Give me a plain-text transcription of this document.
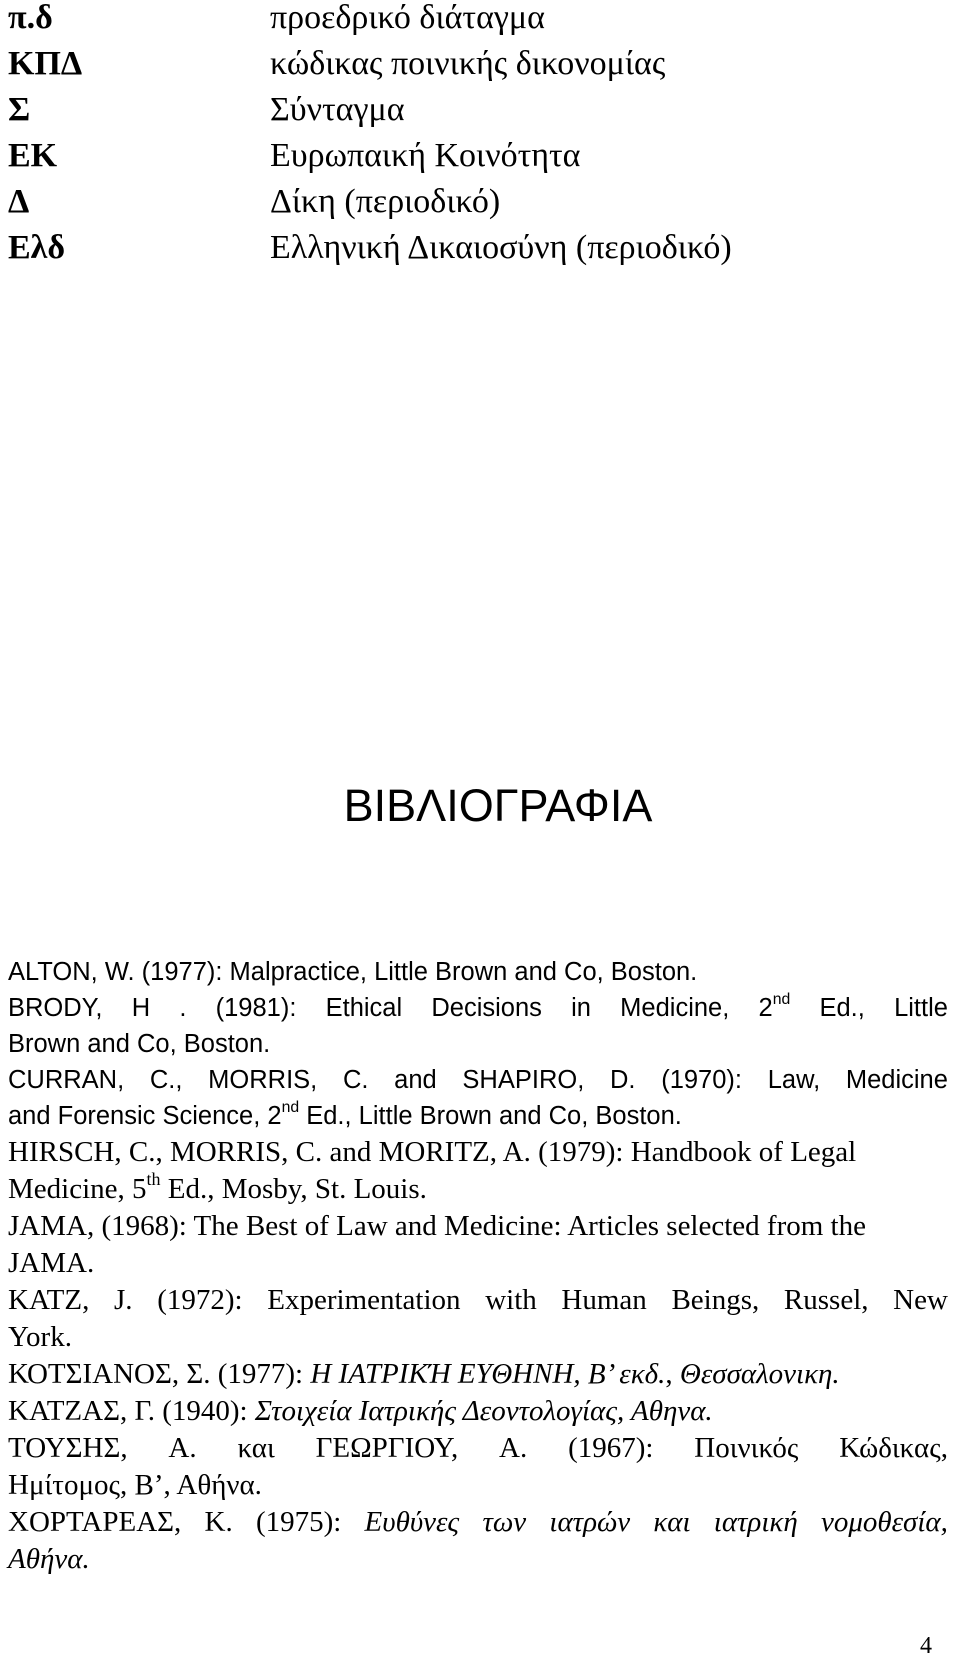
π.δ	προεδρικό διάταγμα
ΚΠΔ	κώδικας ποινικής δικονομίας
Σ	Σύνταγμα
ΕΚ	Ευρωπαική Κοινότητα
Δ	Δίκη (περιοδικό)
Ελδ	Ελληνική Δικαιοσύνη (περιοδικό)
ΒΙΒΛΙΟΓΡΑΦΙΑ
ALTON, W. (1977): Malpractice, Little Brown and Co, Boston.
BRODY, H . (1981): Ethical Decisions in Medicine, 2nd Ed., Little
Brown and Co, Boston.
CURRAN, C., MORRIS, C. and SHAPIRO, D. (1970): Law, Medicine
and Forensic Science, 2nd Ed., Little Brown and Co, Boston.
HIRSCH, C., MORRIS, C. and MORITZ, A. (1979): Handbook of Legal
Medicine, 5th Ed., Mosby, St. Louis.
JAMA, (1968): The Best of Law and Medicine: Articles selected from the
JAMA.
KATZ, J. (1972): Experimentation with Human Beings, Russel, New
York.
ΚΟΤΣΙΑΝΟΣ, Σ. (1977): Η ΙΑΤΡΙΚΉ ΕΥΘΗΝΗ, Β’ εκδ., Θεσσαλονικη.
ΚΑΤΖΑΣ, Γ. (1940): Στοιχεία Ιατρικής Δεοντολογίας, Αθηνα.
ΤΟΥΣΗΣ, Α. και ΓΕΩΡΓΙΟΥ, Α. (1967): Ποινικός Κώδικας,
Ημίτομος, Β’, Αθήνα.
ΧΟΡΤΑΡΕΑΣ, Κ. (1975): Ευθύνες των ιατρών και ιατρική νομοθεσία,
Αθήνα.
4
